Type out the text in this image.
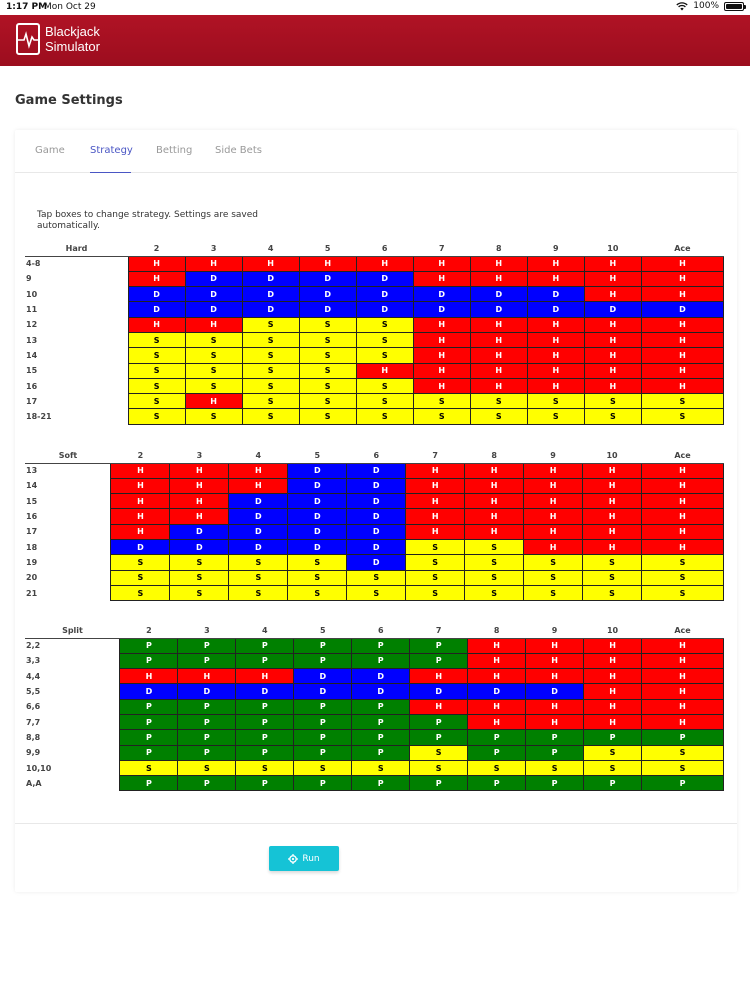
1:17 PM
Mon Oct 29	100%
Blackjack
Simulator
Game Settings
Game	Strategy Betting Side Bets
Tap boxes to change strategy. Settings are saved automatically.
Hard	2	3	4	5	6	7	8	9	10	Ace
4-8	H	H	H	H	H	H	H	H	H	H
9	H	D	D	D	D	H	H	H	H	H
10	D	D	D	D	D	D	D	D	H	H
11	D	D	D	D	D	D	D	D	D	D
12	H	H	S	S	S	H	H	H	H	H
13	S	S	S	S	S	H	H	H	H	H
14	S	S	S	S	S	H	H	H	H	H
15	S	S	S	S	H	H	H	H	H	H
16	S	S	S	S	S	H	H	H	H	H
17	S	H	S	S	S	S	S	S	S	S
18-21	S	S	S	S	S	S	S	S	S	S
Soft	2	3	4	5	6	7	8	9	10	Ace
13	H	H	H	D	D	H	H	H	H	H
14	H	H	H	D	D	H	H	H	H	H
15	H	H	D	D	D	H	H	H	H	H
16	H	H	D	D	D	H	H	H	H	H
17	H	D	D	D	D	H	H	H	H	H
18	D	D	D	D	D	S	S	H	H	H
19	S	S	S	S	D	S	S	S	S	S
20	S	S	S	S	S	S	S	S	S	S
21	S	S	S	S	S	S	S	S	S	S
Split	2	3	4	5	6	7	8	9	10	Ace
2,2	P	P	P	P	P	P	H	H	H	H
3,3	P	P	P	P	P	P	H	H	H	H
4,4	H	H	H	D	D	H	H	H	H	H
5,5	D	D	D	D	D	D	D	D	H	H
6,6	P	P	P	P	P	H	H	H	H	H
7,7	P	P	P	P	P	P	H	H	H	H
8,8	P	P	P	P	P	P	P	P	P	P
9,9	P	P	P	P	P	S	P	P	S	S
10,10	S	S	S	S	S	S	S	S	S	S
A,A	P	P	P	P	P	P	P	P	P	P
Run
